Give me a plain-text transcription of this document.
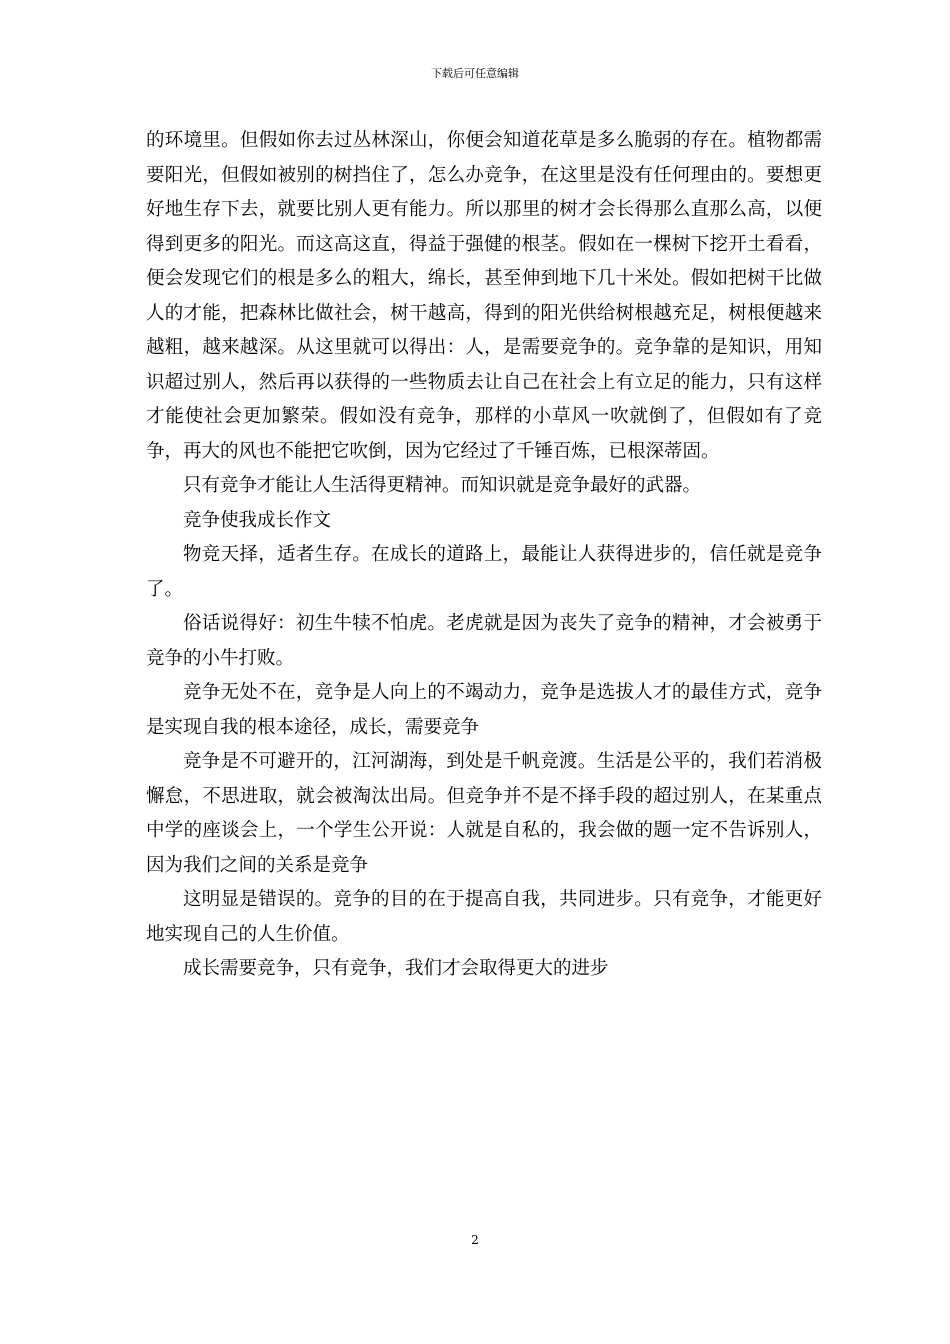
下载后可任意编辑

的环境里。但假如你去过丛林深山，你便会知道花草是多么脆弱的存在。植物都需要阳光，但假如被别的树挡住了，怎么办竞争，在这里是没有任何理由的。要想更好地生存下去，就要比别人更有能力。所以那里的树才会长得那么直那么高，以便得到更多的阳光。而这高这直，得益于强健的根茎。假如在一棵树下挖开土看看，便会发现它们的根是多么的粗大，绵长，甚至伸到地下几十米处。假如把树干比做人的才能，把森林比做社会，树干越高，得到的阳光供给树根越充足，树根便越来越粗，越来越深。从这里就可以得出：人，是需要竞争的。竞争靠的是知识，用知识超过别人，然后再以获得的一些物质去让自己在社会上有立足的能力，只有这样才能使社会更加繁荣。假如没有竞争，那样的小草风一吹就倒了，但假如有了竞争，再大的风也不能把它吹倒，因为它经过了千锤百炼，已根深蒂固。

只有竞争才能让人生活得更精神。而知识就是竞争最好的武器。

竞争使我成长作文

物竞天择，适者生存。在成长的道路上，最能让人获得进步的，信任就是竞争了。

俗话说得好：初生牛犊不怕虎。老虎就是因为丧失了竞争的精神，才会被勇于竞争的小牛打败。

竞争无处不在，竞争是人向上的不竭动力，竞争是选拔人才的最佳方式，竞争是实现自我的根本途径，成长，需要竞争

竞争是不可避开的，江河湖海，到处是千帆竞渡。生活是公平的，我们若消极懈怠，不思进取，就会被淘汰出局。但竞争并不是不择手段的超过别人，在某重点中学的座谈会上，一个学生公开说：人就是自私的，我会做的题一定不告诉别人，因为我们之间的关系是竞争

这明显是错误的。竞争的目的在于提高自我，共同进步。只有竞争，才能更好地实现自己的人生价值。

成长需要竞争，只有竞争，我们才会取得更大的进步

2
